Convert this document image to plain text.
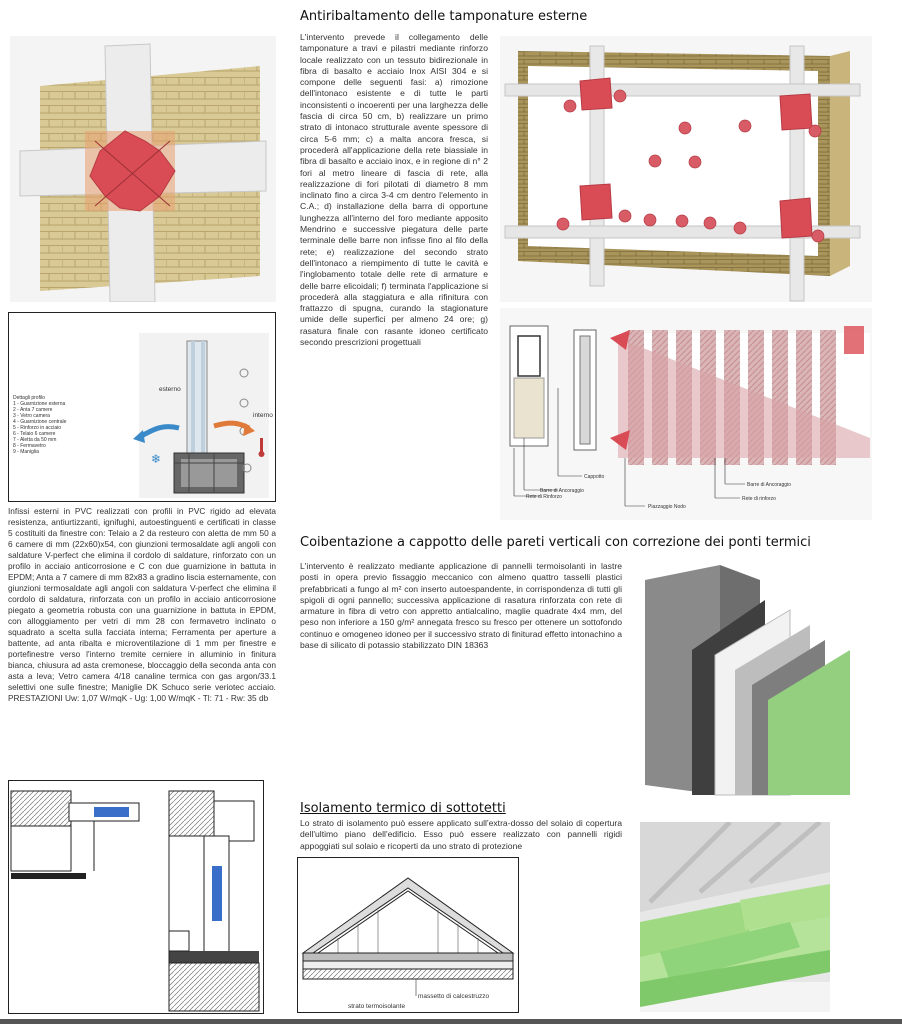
Antiribaltamento delle tamponature esterne
Coibentazione a cappotto delle pareti verticali con correzione dei ponti termici
Isolamento termico di sottotetti
L'intervento prevede il collegamento delle tamponature a travi e pilastri mediante rinforzo locale realizzato con un tessuto bidirezionale in fibra di basalto e acciaio Inox AISI 304 e si compone delle seguenti fasi: a) rimozione dell'intonaco esistente e di tutte le parti inconsistenti o incoerenti per una larghezza delle fascia di circa 50 cm, b) realizzare un primo strato di intonaco strutturale avente spessore di circa 5-6 mm; c) a malta ancora fresca, si procederà all'applicazione della rete biassiale in fibra di basalto e acciaio inox, e in regione di n° 2 fori al metro lineare di fascia di rete, alla realizzazione di fori pilotati di diametro 8 mm inclinato fino a circa 3-4 cm dentro l'elemento in C.A.; d) installazione della barra di opportune lunghezza all'interno del foro mediante apposito Mendrino e successive piegatura delle parte terminale delle barre non infisse fino al filo della rete; e) realizzazione del secondo strato dell'intonaco a riempimento di tutte le cavità e l'inglobamento totale delle rete di armature e delle barre elicoidali; f) terminata l'applicazione si procederà alla staggiatura e alla rifinitura con frattazzo di spugna, curando la stagionature umide delle superfici per almeno 24 ore; g) rasatura finale con rasante idoneo certificato secondo prescrizioni progettuali
Infissi esterni in PVC realizzati con profili in PVC rigido ad elevata resistenza, antiurtizzanti, ignifughi, autoestinguenti e certificati in classe 5 costituiti da finestre con: Telaio a 2 da resteuro con aletta de mm 50 a 6 camere di mm (22x60)x54, con giunzioni termosaldate agli angoli con saldature V-perfect che elimina il cordolo di saldature, rinforzato con un profilo in acciaio anticorrosione e C con due guarnizione in battuta in EPDM; Anta a 7 camere di mm 82x83 a gradino liscia esternamente, con giunzioni termosaldate agli angoli con saldatura V-perfect che elimina il cordolo di saldatura, rinforzata con un profilo in acciaio anticorrosione piegato a geometria robusta con una guarnizione in battuta in EPDM, con alloggiamento per vetri di mm 28 con fermavetro inclinato o squadrato a scelta sulla facciata interna; Ferramenta per aperture a battente, ad anta ribalta e microventilazione di 1 mm per finestre e portefinestre verso l'interno tremite cerniere in alluminio in finitura bianca, chiusura ad asta cremonese, bloccaggio della seconda anta con asta a leva; Vetro camera 4/18 canaline termica con gas argon/33.1 selettivi one sulle finestre; Maniglie DK Schuco serie veriotec acciaio. PRESTAZIONI Uw: 1,07 W/mqK - Ug: 1,00 W/mqK - Tl: 71 - Rw: 35 db
L'intervento è realizzato mediante applicazione di pannelli termoisolanti in lastre posti in opera previo fissaggio meccanico con almeno quattro tasselli plastici prefabbricati a fungo al m² con inserto autoespandente, in corrispondenza di tutti gli spigoli di ogni pannello; successiva applicazione di rasatura rinforzata con rete di armature in fibra di vetro con appretto antialcalino, maglie quadrate 4x4 mm, del peso non inferiore a 150 g/m² annegata fresco su fresco per ottenere un sottofondo continuo e omogeneo idoneo per il successivo strato di finiturad effetto intonachino a base di silicato di potassio stabilizzato DIN 18363
Lo strato di isolamento può essere applicato sull'extra-dosso del solaio di copertura dell'ultimo piano dell'edificio. Esso può essere realizzato con pannelli rigidi appoggiati sul solaio e ricoperti da uno strato di protezione
Dettagli profilo
1 - Guarnizione esterna
2 - Anta 7 camere
3 - Vetro camera
4 - Guarnizione centrale
5 - Rinforzo in acciaio
6 - Telaio 6 camere
7 - Aletta da 50 mm
8 - Fermavetro
9 - Maniglia
esterno
interno
❄
Cappotto
Barre di Ancoraggio
Rete di Rinforzo
Piazzaggio Nodo
Barre di Ancoraggio
Rete di rinforzo
massetto di calcestruzzo
strato termoisolante
